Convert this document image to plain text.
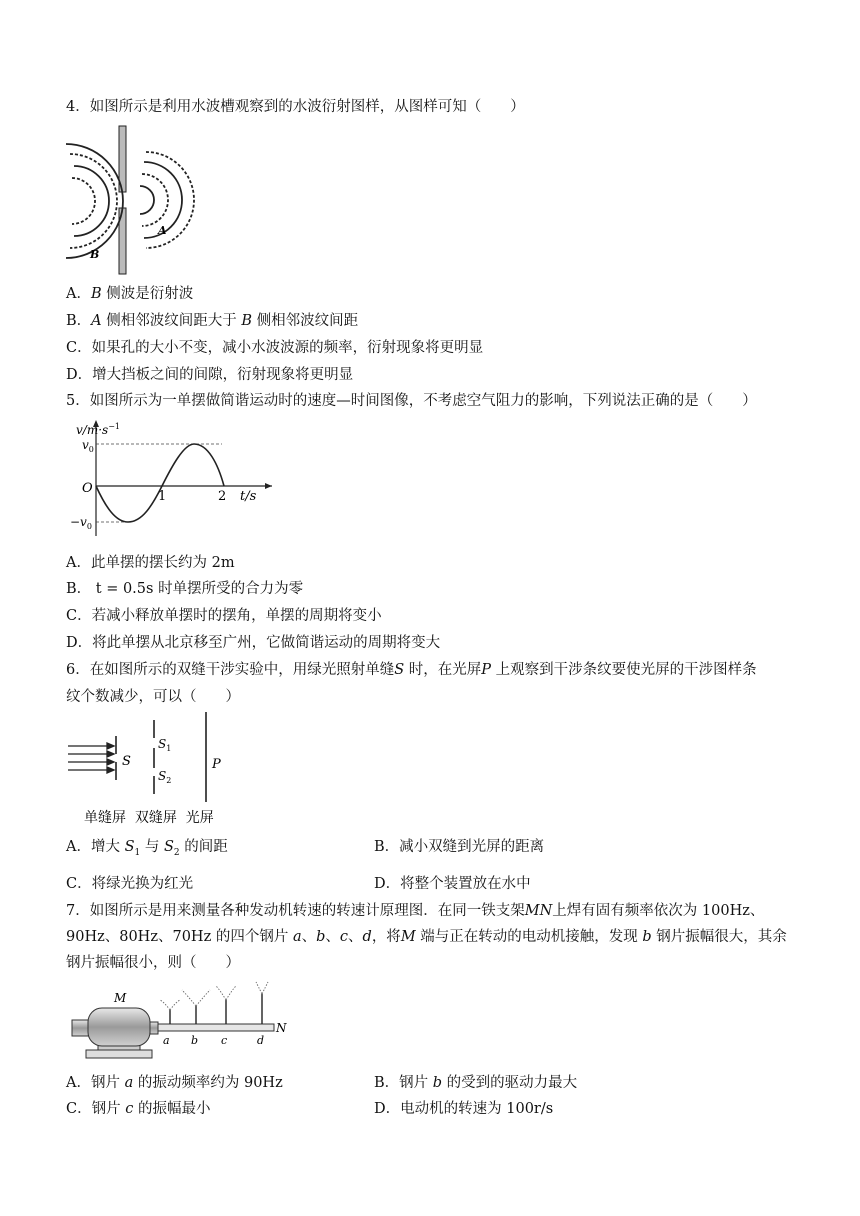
4．如图所示是利用水波槽观察到的水波衍射图样，从图样可知（　　）
A
B
A．B 侧波是衍射波
B．A 侧相邻波纹间距大于 B 侧相邻波纹间距
C．如果孔的大小不变，减小水波波源的频率，衍射现象将更明显
D．增大挡板之间的间隙，衍射现象将更明显
5．如图所示为一单摆做简谐运动时的速度—时间图像，不考虑空气阻力的影响，下列说法正确的是（　　）
$v/m\cdot s^{-1}$
$v_0$
$-v_0$
O
1	2 t/s
A．此单摆的摆长约为 2m
B． t = 0.5s 时单摆所受的合力为零
C．若减小释放单摆时的摆角，单摆的周期将变小
D．将此单摆从北京移至广州，它做简谐运动的周期将变大
6．在如图所示的双缝干涉实验中，用绿光照射单缝S 时，在光屏P 上观察到干涉条纹要使光屏的干涉图样条
纹个数减少，可以（　　）
S
$S_1$
$S_2$
P
单缝屏  双缝屏  光屏
A．增大 $S_1$ 与 $S_2$ 的间距	B．减小双缝到光屏的距离
C．将绿光换为红光	D．将整个装置放在水中
7．如图所示是用来测量各种发动机转速的转速计原理图．在同一铁支架MN上焊有固有频率依次为 100Hz、
90Hz、80Hz、70Hz 的四个钢片 a、b、c、d，将M 端与正在转动的电动机接触，发现 b 钢片振幅很大，其余
钢片振幅很小，则（　　）
M
N
a b c	d
A．钢片 a 的振动频率约为 90Hz	B．钢片 b 的受到的驱动力最大
C．钢片 c 的振幅最小	D．电动机的转速为 100r/s
